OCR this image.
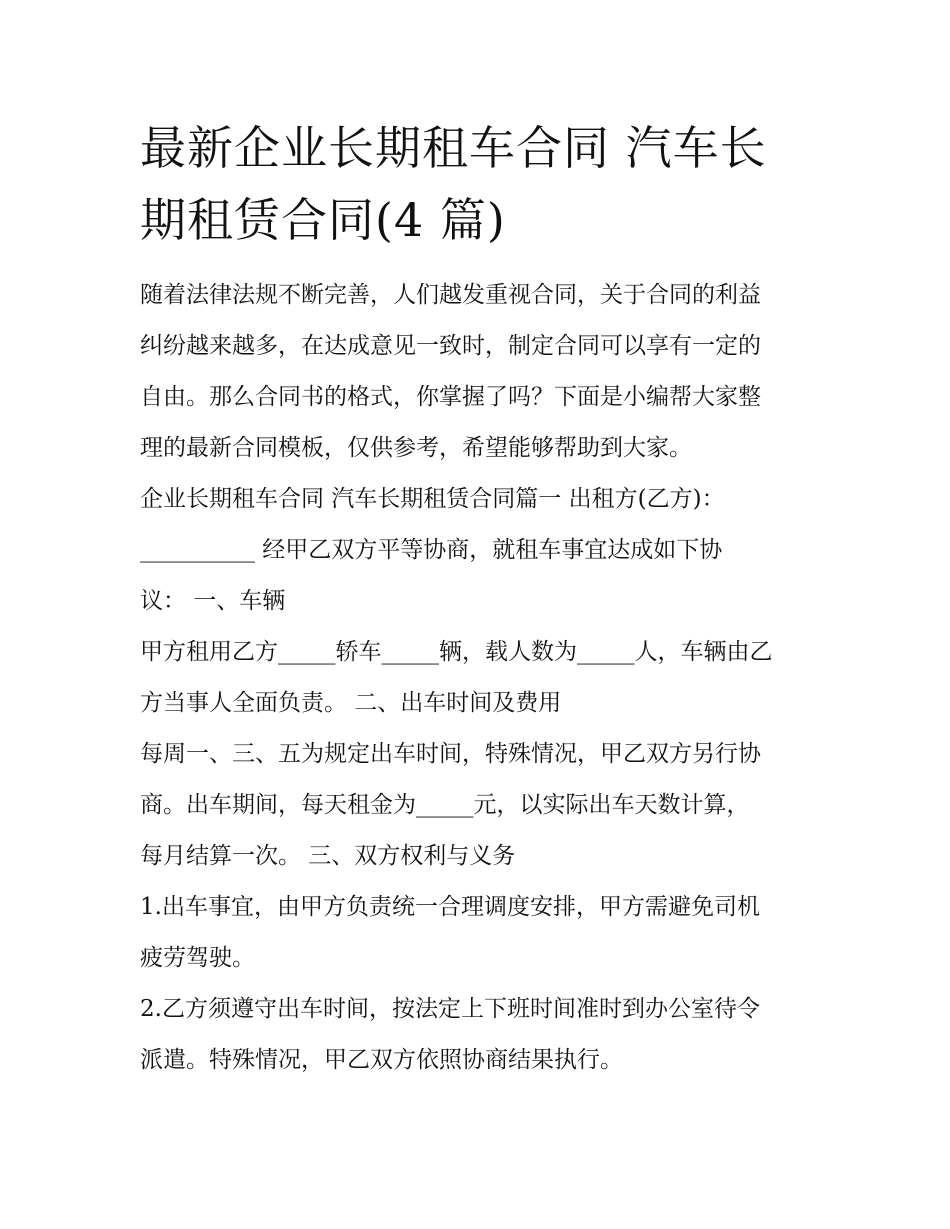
最新企业长期租车合同 汽车长
期租赁合同(4 篇)

随着法律法规不断完善，人们越发重视合同，关于合同的利益

纠纷越来越多，在达成意见一致时，制定合同可以享有一定的

自由。那么合同书的格式，你掌握了吗？下面是小编帮大家整

理的最新合同模板，仅供参考，希望能够帮助到大家。

企业长期租车合同 汽车长期租赁合同篇一 出租方(乙方)：

__________ 经甲乙双方平等协商，就租车事宜达成如下协

议： 一、车辆

甲方租用乙方_____轿车_____辆，载人数为_____人，车辆由乙

方当事人全面负责。 二、出车时间及费用

每周一、三、五为规定出车时间，特殊情况，甲乙双方另行协

商。出车期间，每天租金为_____元，以实际出车天数计算，

每月结算一次。 三、双方权利与义务

1.出车事宜，由甲方负责统一合理调度安排，甲方需避免司机

疲劳驾驶。

2.乙方须遵守出车时间，按法定上下班时间准时到办公室待令

派遣。特殊情况，甲乙双方依照协商结果执行。
